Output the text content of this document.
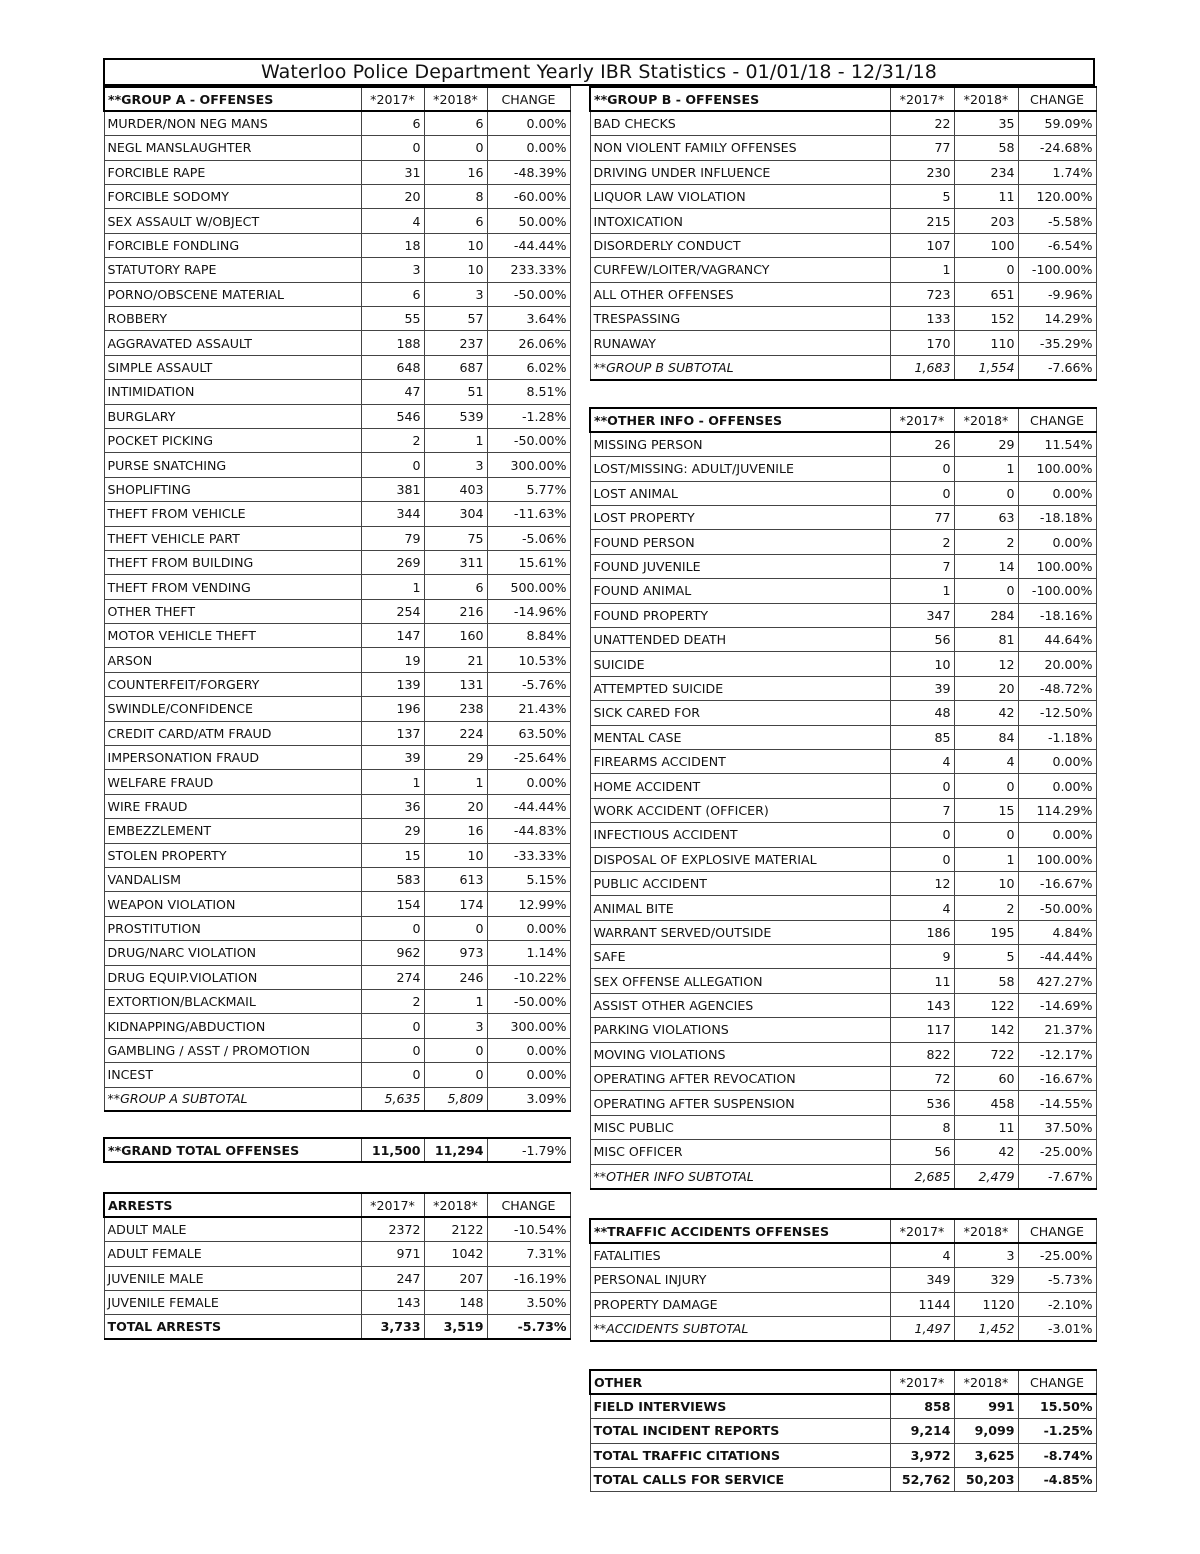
Waterloo Police Department Yearly IBR Statistics - 01/01/18 - 12/31/18
**GROUP A - OFFENSES	*2017*	*2018*	CHANGE
MURDER/NON NEG MANS	6	6	0.00%
NEGL MANSLAUGHTER	0	0	0.00%
FORCIBLE RAPE	31	16	-48.39%
FORCIBLE SODOMY	20	8	-60.00%
SEX ASSAULT W/OBJECT	4	6	50.00%
FORCIBLE FONDLING	18	10	-44.44%
STATUTORY RAPE	3	10	233.33%
PORNO/OBSCENE MATERIAL	6	3	-50.00%
ROBBERY	55	57	3.64%
AGGRAVATED ASSAULT	188	237	26.06%
SIMPLE ASSAULT	648	687	6.02%
INTIMIDATION	47	51	8.51%
BURGLARY	546	539	-1.28%
POCKET PICKING	2	1	-50.00%
PURSE SNATCHING	0	3	300.00%
SHOPLIFTING	381	403	5.77%
THEFT FROM VEHICLE	344	304	-11.63%
THEFT VEHICLE PART	79	75	-5.06%
THEFT FROM BUILDING	269	311	15.61%
THEFT FROM VENDING	1	6	500.00%
OTHER THEFT	254	216	-14.96%
MOTOR VEHICLE THEFT	147	160	8.84%
ARSON	19	21	10.53%
COUNTERFEIT/FORGERY	139	131	-5.76%
SWINDLE/CONFIDENCE	196	238	21.43%
CREDIT CARD/ATM FRAUD	137	224	63.50%
IMPERSONATION FRAUD	39	29	-25.64%
WELFARE FRAUD	1	1	0.00%
WIRE FRAUD	36	20	-44.44%
EMBEZZLEMENT	29	16	-44.83%
STOLEN PROPERTY	15	10	-33.33%
VANDALISM	583	613	5.15%
WEAPON VIOLATION	154	174	12.99%
PROSTITUTION	0	0	0.00%
DRUG/NARC VIOLATION	962	973	1.14%
DRUG EQUIP.VIOLATION	274	246	-10.22%
EXTORTION/BLACKMAIL	2	1	-50.00%
KIDNAPPING/ABDUCTION	0	3	300.00%
GAMBLING / ASST / PROMOTION	0	0	0.00%
INCEST	0	0	0.00%
**GROUP A SUBTOTAL	5,635	5,809	3.09%
**GRAND TOTAL OFFENSES	11,500	11,294	-1.79%
ARRESTS	*2017*	*2018*	CHANGE
ADULT MALE	2372	2122	-10.54%
ADULT FEMALE	971	1042	7.31%
JUVENILE MALE	247	207	-16.19%
JUVENILE FEMALE	143	148	3.50%
TOTAL ARRESTS	3,733	3,519	-5.73%
**GROUP B - OFFENSES	*2017*	*2018*	CHANGE
BAD CHECKS	22	35	59.09%
NON VIOLENT FAMILY OFFENSES	77	58	-24.68%
DRIVING UNDER INFLUENCE	230	234	1.74%
LIQUOR LAW VIOLATION	5	11	120.00%
INTOXICATION	215	203	-5.58%
DISORDERLY CONDUCT	107	100	-6.54%
CURFEW/LOITER/VAGRANCY	1	0	-100.00%
ALL OTHER OFFENSES	723	651	-9.96%
TRESPASSING	133	152	14.29%
RUNAWAY	170	110	-35.29%
**GROUP B SUBTOTAL	1,683	1,554	-7.66%
**OTHER INFO - OFFENSES	*2017*	*2018*	CHANGE
MISSING PERSON	26	29	11.54%
LOST/MISSING: ADULT/JUVENILE	0	1	100.00%
LOST ANIMAL	0	0	0.00%
LOST PROPERTY	77	63	-18.18%
FOUND PERSON	2	2	0.00%
FOUND JUVENILE	7	14	100.00%
FOUND ANIMAL	1	0	-100.00%
FOUND PROPERTY	347	284	-18.16%
UNATTENDED DEATH	56	81	44.64%
SUICIDE	10	12	20.00%
ATTEMPTED SUICIDE	39	20	-48.72%
SICK CARED FOR	48	42	-12.50%
MENTAL CASE	85	84	-1.18%
FIREARMS ACCIDENT	4	4	0.00%
HOME ACCIDENT	0	0	0.00%
WORK ACCIDENT (OFFICER)	7	15	114.29%
INFECTIOUS ACCIDENT	0	0	0.00%
DISPOSAL OF EXPLOSIVE MATERIAL	0	1	100.00%
PUBLIC ACCIDENT	12	10	-16.67%
ANIMAL BITE	4	2	-50.00%
WARRANT SERVED/OUTSIDE	186	195	4.84%
SAFE	9	5	-44.44%
SEX OFFENSE ALLEGATION	11	58	427.27%
ASSIST OTHER AGENCIES	143	122	-14.69%
PARKING VIOLATIONS	117	142	21.37%
MOVING VIOLATIONS	822	722	-12.17%
OPERATING AFTER REVOCATION	72	60	-16.67%
OPERATING AFTER SUSPENSION	536	458	-14.55%
MISC PUBLIC	8	11	37.50%
MISC OFFICER	56	42	-25.00%
**OTHER INFO SUBTOTAL	2,685	2,479	-7.67%
**TRAFFIC ACCIDENTS OFFENSES	*2017*	*2018*	CHANGE
FATALITIES	4	3	-25.00%
PERSONAL INJURY	349	329	-5.73%
PROPERTY DAMAGE	1144	1120	-2.10%
**ACCIDENTS SUBTOTAL	1,497	1,452	-3.01%
OTHER	*2017*	*2018*	CHANGE
FIELD INTERVIEWS	858	991	15.50%
TOTAL INCIDENT REPORTS	9,214	9,099	-1.25%
TOTAL TRAFFIC CITATIONS	3,972	3,625	-8.74%
TOTAL CALLS FOR SERVICE	52,762	50,203	-4.85%
